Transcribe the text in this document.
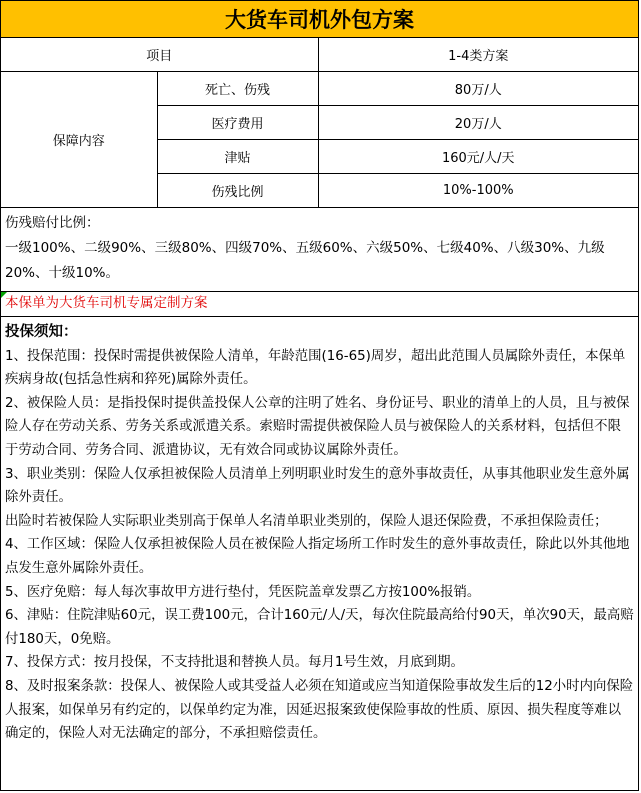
大货车司机外包方案
项目		1-4类方案
保障内容	死亡、伤残	80万/人
	医疗费用	20万/人
	津贴	160元/人/天
	伤残比例	10%-100%
伤残赔付比例：
一级100%、二级90%、三级80%、四级70%、五级60%、六级50%、七级40%、八级30%、九级20%、十级10%。
本保单为大货车司机专属定制方案
投保须知：

1、投保范围：投保时需提供被保险人清单，年龄范围(16-65)周岁，超出此范围人员属除外责任，本保单疾病身故(包括急性病和猝死)属除外责任。

2、被保险人员：是指投保时提供盖投保人公章的注明了姓名、身份证号、职业的清单上的人员，且与被保险人存在劳动关系、劳务关系或派遣关系。索赔时需提供被保险人员与被保险人的关系材料，包括但不限于劳动合同、劳务合同、派遣协议，无有效合同或协议属除外责任。

3、职业类别：保险人仅承担被保险人员清单上列明职业时发生的意外事故责任，从事其他职业发生意外属除外责任。

出险时若被保险人实际职业类别高于保单人名清单职业类别的，保险人退还保险费，不承担保险责任；

4、工作区域：保险人仅承担被保险人员在被保险人指定场所工作时发生的意外事故责任，除此以外其他地点发生意外属除外责任。

5、医疗免赔：每人每次事故甲方进行垫付，凭医院盖章发票乙方按100%报销。

6、津贴：住院津贴60元，误工费100元，合计160元/人/天，每次住院最高给付90天，单次90天，最高赔付180天，0免赔。

7、投保方式：按月投保，不支持批退和替换人员。每月1号生效，月底到期。

8、及时报案条款：投保人、被保险人或其受益人必须在知道或应当知道保险事故发生后的12小时内向保险人报案，如保单另有约定的，以保单约定为准，因延迟报案致使保险事故的性质、原因、损失程度等难以确定的，保险人对无法确定的部分，不承担赔偿责任。
